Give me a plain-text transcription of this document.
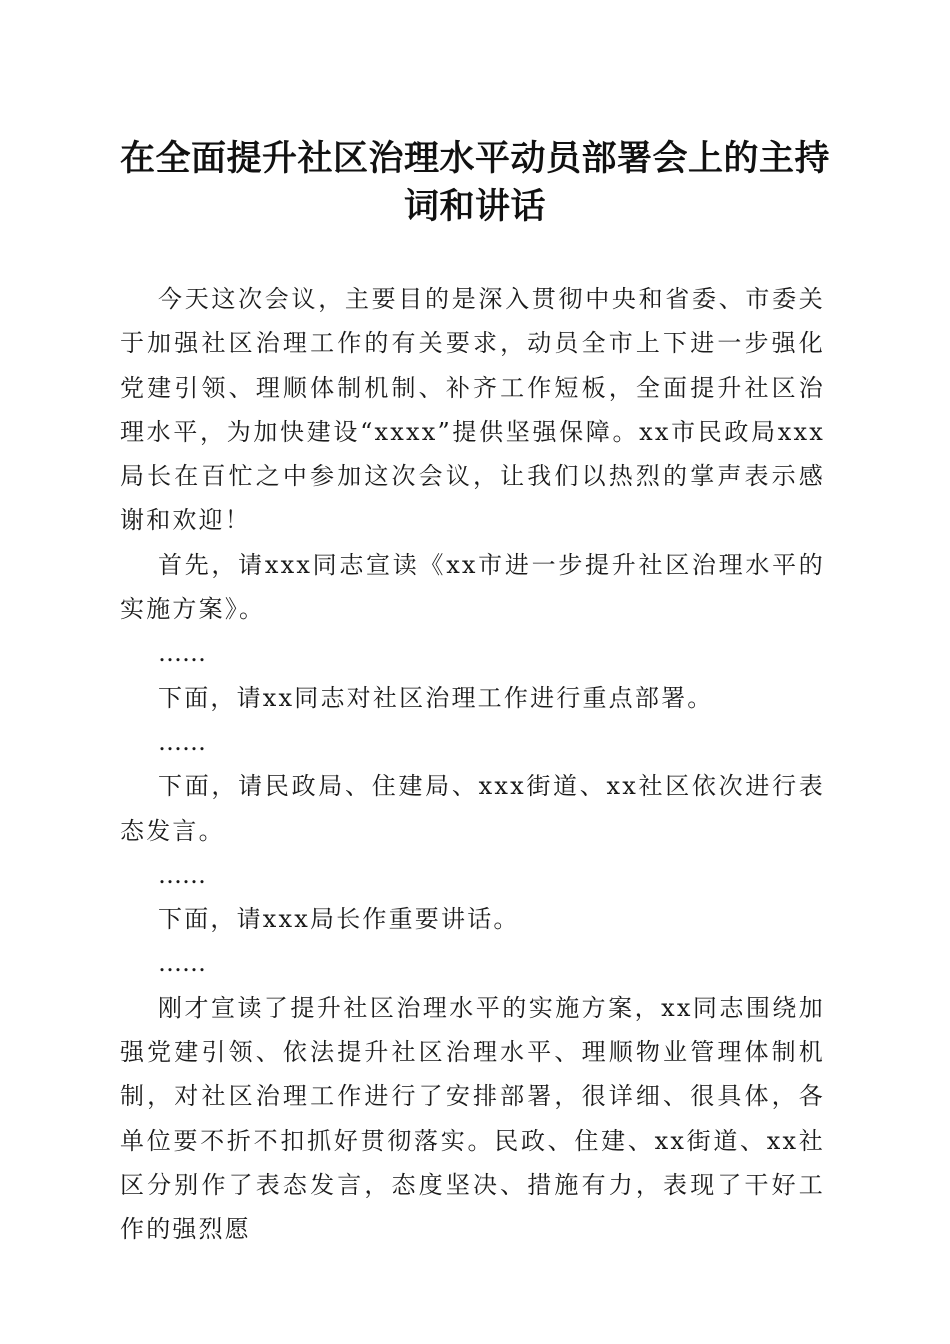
在全面提升社区治理水平动员部署会上的主持词和讲话

今天这次会议，主要目的是深入贯彻中央和省委、市委关于加强社区治理工作的有关要求，动员全市上下进一步强化党建引领、理顺体制机制、补齐工作短板，全面提升社区治理水平，为加快建设“xxxx”提供坚强保障。xx市民政局xxx局长在百忙之中参加这次会议，让我们以热烈的掌声表示感谢和欢迎！

首先，请xxx同志宣读《xx市进一步提升社区治理水平的实施方案》。

……

下面，请xx同志对社区治理工作进行重点部署。

……

下面，请民政局、住建局、xxx街道、xx社区依次进行表态发言。

……

下面，请xxx局长作重要讲话。

……

刚才宣读了提升社区治理水平的实施方案，xx同志围绕加强党建引领、依法提升社区治理水平、理顺物业管理体制机制，对社区治理工作进行了安排部署，很详细、很具体，各单位要不折不扣抓好贯彻落实。民政、住建、xx街道、xx社区分别作了表态发言，态度坚决、措施有力，表现了干好工作的强烈愿
